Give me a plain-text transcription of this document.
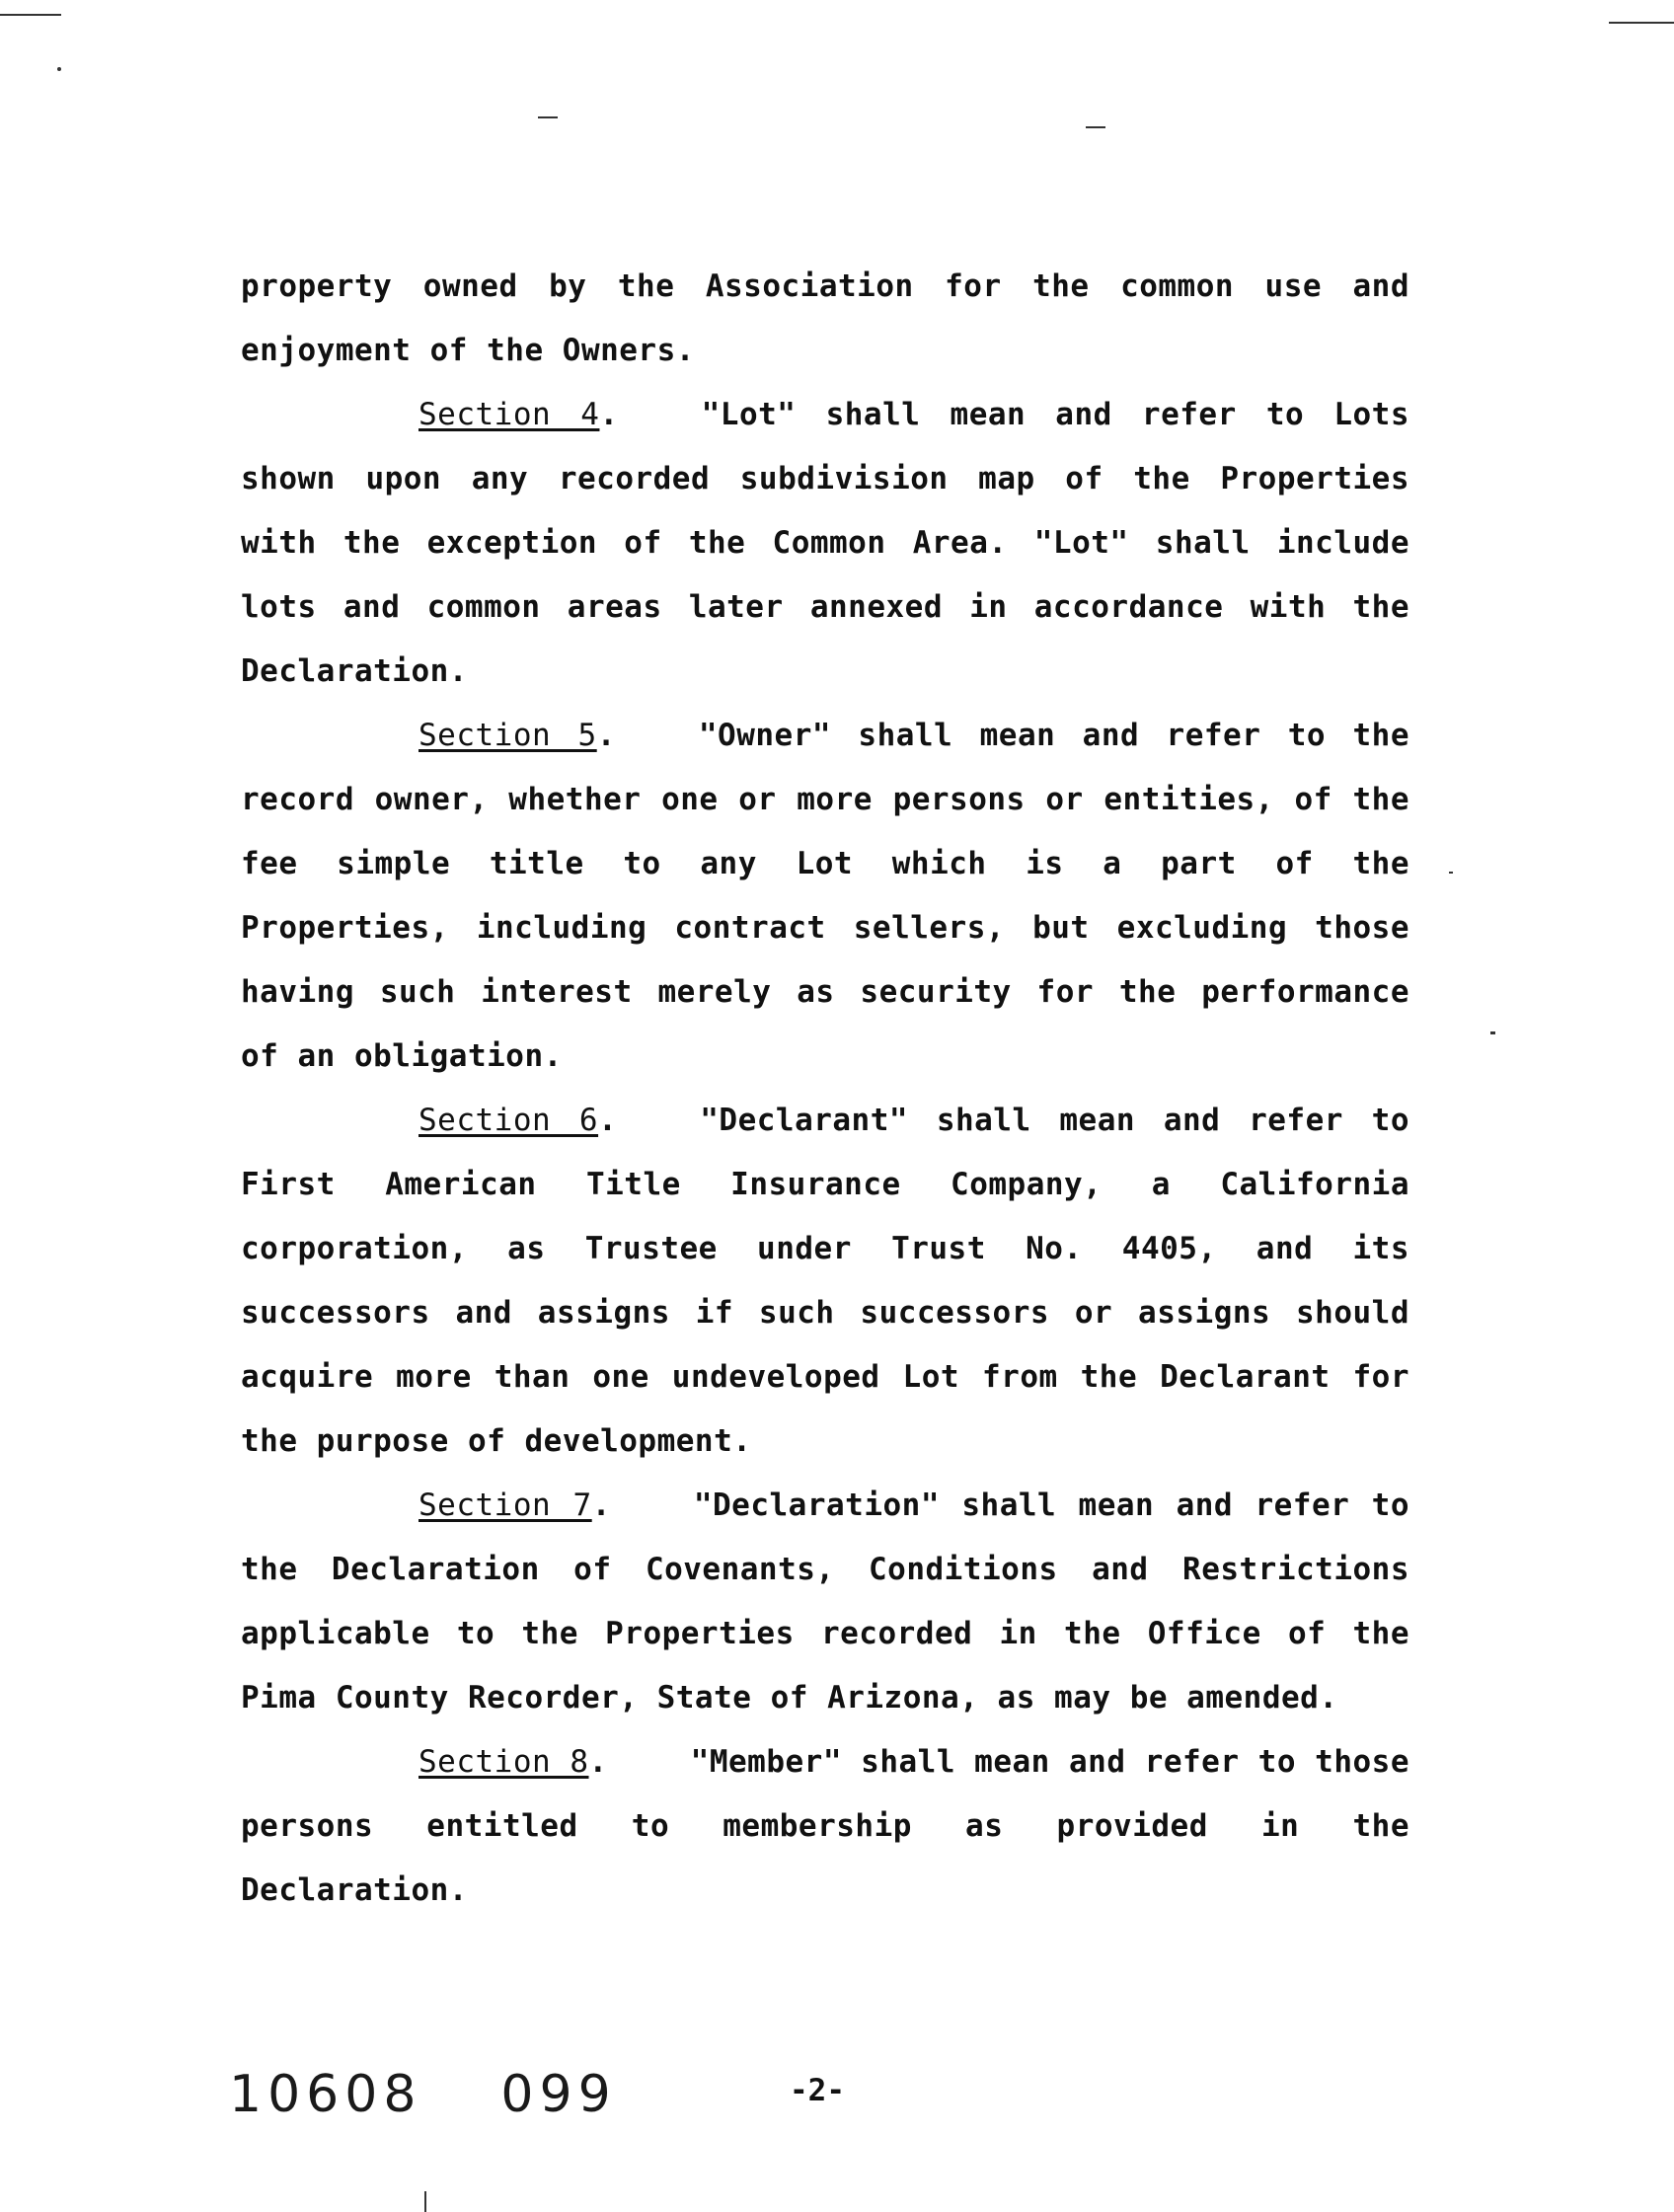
property owned by the Association for the common use and enjoyment of the Owners.

Section 4.	"Lot" shall mean and refer to Lots shown upon any recorded subdivision map of the Properties with the exception of the Common Area. "Lot" shall include lots and common areas later annexed in accordance with the Declaration.

Section 5.	"Owner" shall mean and refer to the record owner, whether one or more persons or entities, of the fee simple title to any Lot which is a part of the Properties, including contract sellers, but excluding those having such interest merely as security for the performance of an obligation.

Section 6.	"Declarant" shall mean and refer to First American Title Insurance Company, a California corporation, as Trustee under Trust No. 4405, and its successors and assigns if such successors or assigns should acquire more than one undeveloped Lot from the Declarant for the purpose of development.

Section 7.	"Declaration" shall mean and refer to the Declaration of Covenants, Conditions and Restrictions applicable to the Properties recorded in the Office of the Pima County Recorder, State of Arizona, as may be amended.

Section 8.	"Member" shall mean and refer to those persons entitled to membership as provided in the Declaration.

10608 099	-2-
